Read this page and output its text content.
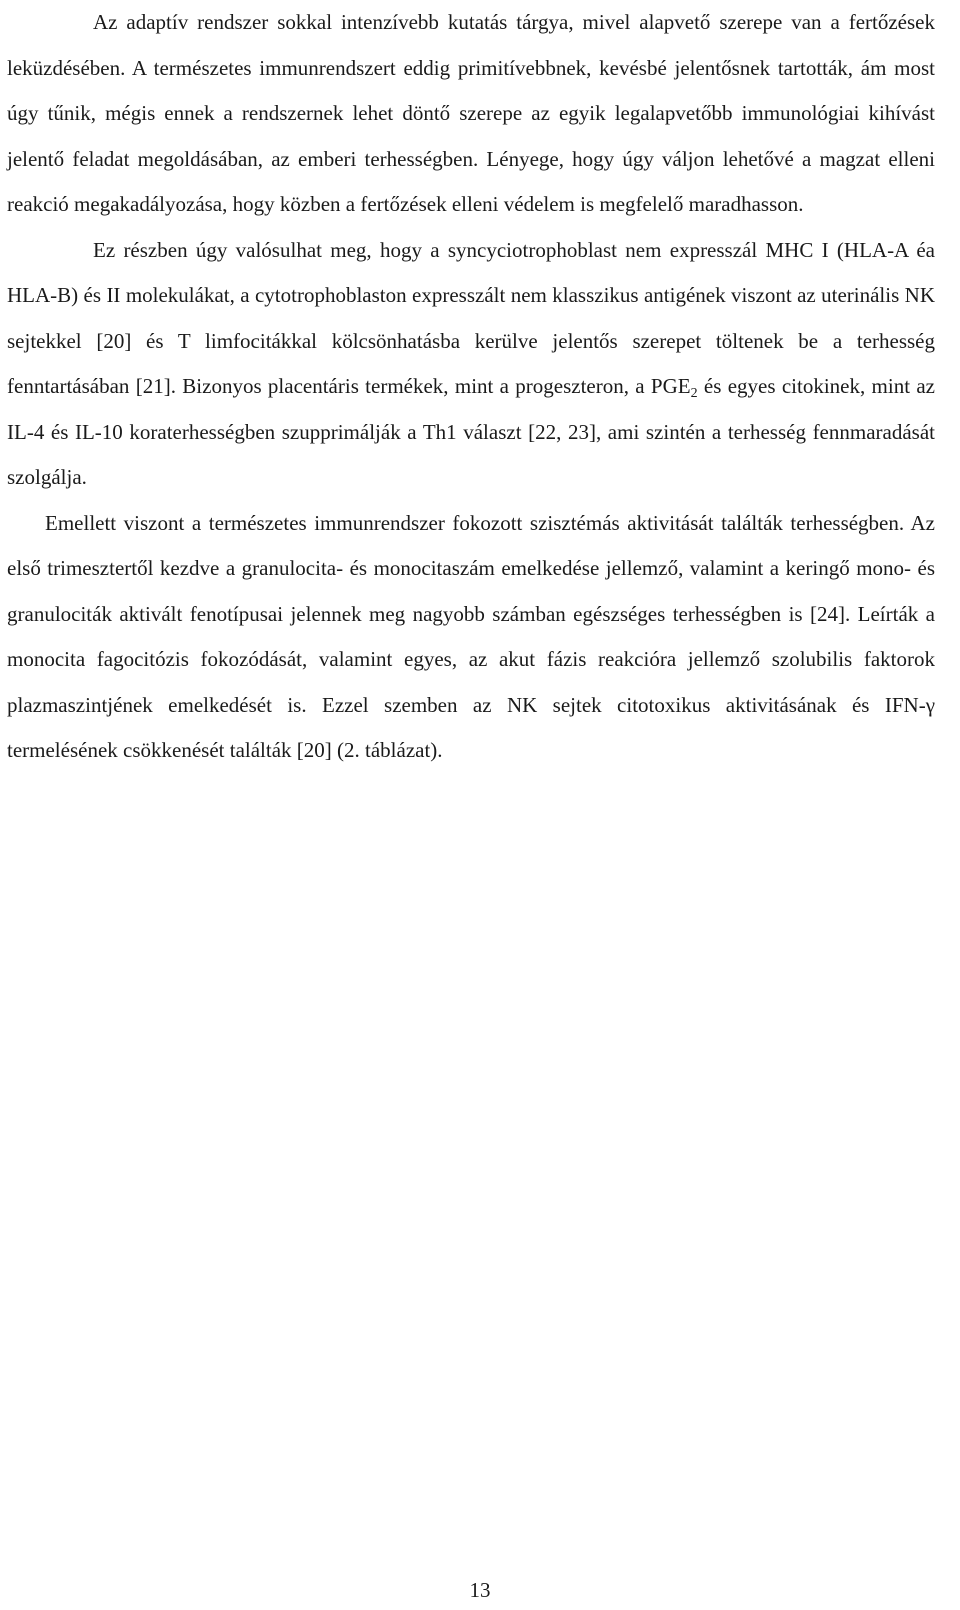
Az adaptív rendszer sokkal intenzívebb kutatás tárgya, mivel alapvető szerepe van a fertőzések leküzdésében. A természetes immunrendszert eddig primitívebbnek, kevésbé jelentősnek tartották, ám most úgy tűnik, mégis ennek a rendszernek lehet döntő szerepe az egyik legalapvetőbb immunológiai kihívást jelentő feladat megoldásában, az emberi terhességben. Lényege, hogy úgy váljon lehetővé a magzat elleni reakció megakadályozása, hogy közben a fertőzések elleni védelem is megfelelő maradhasson.

Ez részben úgy valósulhat meg, hogy a syncyciotrophoblast nem expresszál MHC I (HLA-A éa HLA-B) és II molekulákat, a cytotrophoblaston expresszált nem klasszikus antigének viszont az uterinális NK sejtekkel [20] és T limfocitákkal kölcsönhatásba kerülve jelentős szerepet töltenek be a terhesség fenntartásában [21]. Bizonyos placentáris termékek, mint a progeszteron, a $PGE_2$ és egyes citokinek, mint az IL-4 és IL-10 koraterhességben szupprimálják a Th1 választ [22, 23], ami szintén a terhesség fennmaradását szolgálja.

Emellett viszont a természetes immunrendszer fokozott szisztémás aktivitását találták terhességben. Az első trimesztertől kezdve a granulocita- és monocitaszám emelkedése jellemző, valamint a keringő mono- és granulociták aktivált fenotípusai jelennek meg nagyobb számban egészséges terhességben is [24]. Leírták a monocita fagocitózis fokozódását, valamint egyes, az akut fázis reakcióra jellemző szolubilis faktorok plazmaszintjének emelkedését is. Ezzel szemben az NK sejtek citotoxikus aktivitásának és IFN-γ termelésének csökkenését találták [20] (2. táblázat).

13
